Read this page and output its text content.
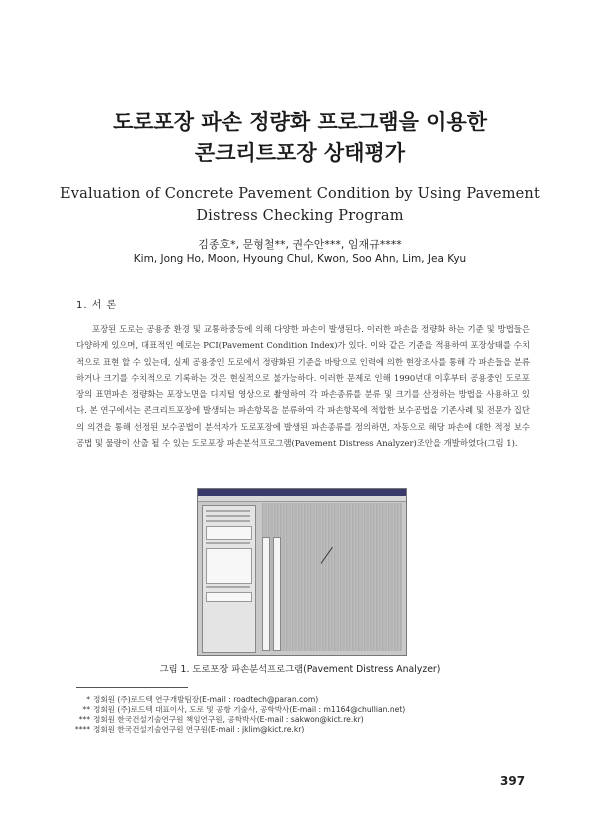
도로포장 파손 정량화 프로그램을 이용한
콘크리트포장 상태평가
Evaluation of Concrete Pavement Condition by Using Pavement Distress Checking Program
김종호*, 문형철**, 권수안***, 임재규****
Kim, Jong Ho, Moon, Hyoung Chul, Kwon, Soo Ahn, Lim, Jea Kyu
1. 서 론
포장된 도로는 공용중 환경 및 교통하중등에 의해 다양한 파손이 발생된다. 이러한 파손을 정량화 하는 기준 및 방법들은 다양하게 있으며, 대표적인 예로는 PCI(Pavement Condition Index)가 있다. 이와 같은 기준을 적용하여 포장상태를 수치적으로 표현 할 수 있는데, 실제 공용중인 도로에서 정량화된 기준을 바탕으로 인력에 의한 현장조사를 통해 각 파손들을 분류하거나 크기를 수치적으로 기록하는 것은 현실적으로 불가능하다. 이러한 문제로 인해 1990년대 이후부터 공용중인 도로포장의 표면파손 정량화는 포장노면을 디지털 영상으로 촬영하여 각 파손종류를 분류 및 크기를 산정하는 방법을 사용하고 있다. 본 연구에서는 콘크리트포장에 발생되는 파손항목을 분류하여 각 파손항목에 적합한 보수공법을 기존사례 및 전문가 집단의 의견을 통해 선정된 보수공법이 분석자가 도로포장에 발생된 파손종류를 정의하면, 자동으로 해당 파손에 대한 적정 보수공법 및 물량이 산출 될 수 있는 도로포장 파손분석프로그램(Pavement Distress Analyzer)조안을 개발하였다(그림 1).
그림 1. 도로포장 파손분석프로그램(Pavement Distress Analyzer)
* 정회원 (주)로드텍 연구개발팀장(E-mail : roadtech@paran.com)
** 정회원 (주)로드텍 대표이사, 도로 및 공항 기술사, 공학박사(E-mail : m1164@chullian.net)
*** 정회원 한국건설기술연구원 책임연구원, 공학박사(E-mail : sakwon@kict.re.kr)
**** 정회원 한국건설기술연구원 연구원(E-mail : jklim@kict.re.kr)
397
